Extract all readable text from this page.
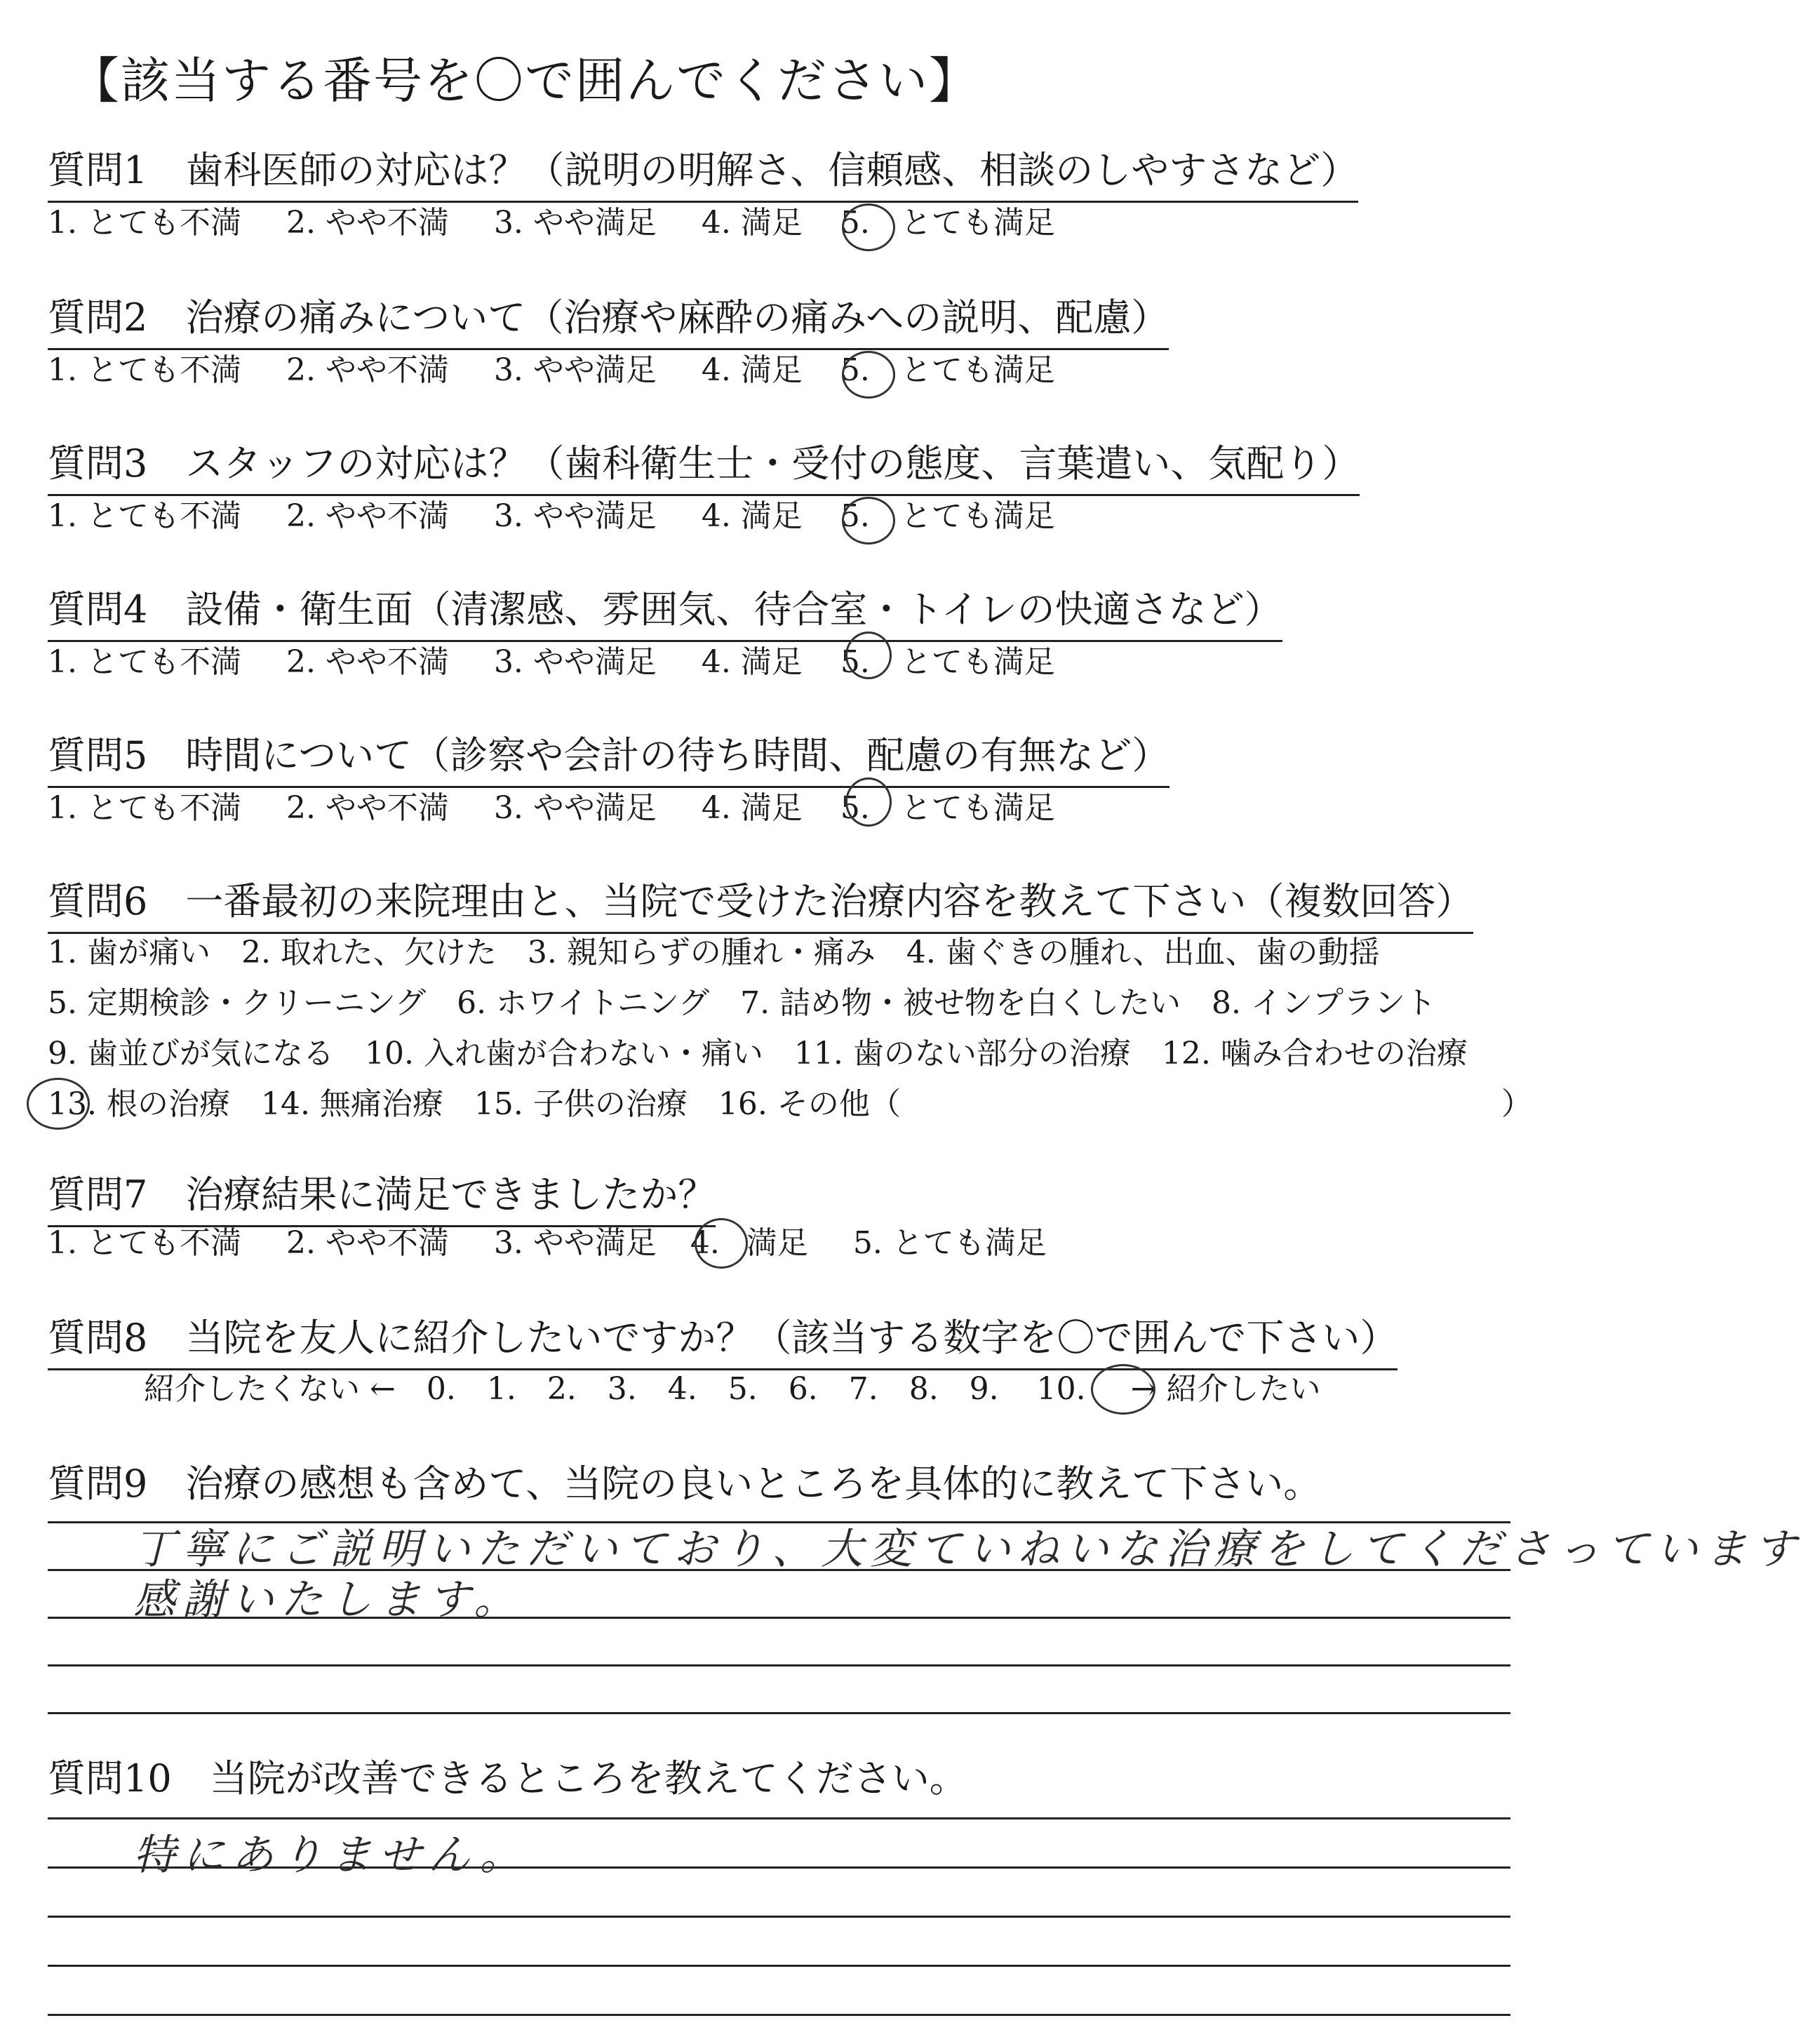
【該当する番号を〇で囲んでください】
質問1　歯科医師の対応は？（説明の明解さ、信頼感、相談のしやすさなど）
1. とても不満 2. やや不満 3. やや満足 4. 満足 5. とても満足
質問2　治療の痛みについて（治療や麻酔の痛みへの説明、配慮）
1. とても不満 2. やや不満 3. やや満足 4. 満足 5. とても満足
質問3　スタッフの対応は？（歯科衛生士・受付の態度、言葉遣い、気配り）
1. とても不満 2. やや不満 3. やや満足 4. 満足 5. とても満足
質問4　設備・衛生面（清潔感、雰囲気、待合室・トイレの快適さなど）
1. とても不満 2. やや不満 3. やや満足 4. 満足 5. とても満足
質問5　時間について（診察や会計の待ち時間、配慮の有無など）
1. とても不満 2. やや不満 3. やや満足 4. 満足 5. とても満足
質問6　一番最初の来院理由と、当院で受けた治療内容を教えて下さい（複数回答）
1. 歯が痛い　2. 取れた、欠けた　3. 親知らずの腫れ・痛み　4. 歯ぐきの腫れ、出血、歯の動揺
5. 定期検診・クリーニング　6. ホワイトニング　7. 詰め物・被せ物を白くしたい　8. インプラント
9. 歯並びが気になる　10. 入れ歯が合わない・痛い　11. 歯のない部分の治療　12. 噛み合わせの治療
13. 根の治療　14. 無痛治療　15. 子供の治療　16. その他（	）
質問7　治療結果に満足できましたか？
1. とても不満 2. やや不満 3. やや満足 4. 満足 5. とても満足
質問8　当院を友人に紹介したいですか？（該当する数字を〇で囲んで下さい）
紹介したくない ←　0.　1.　2.　3.　4.　5.　6.　7.　8.　9. 10. → 紹介したい
質問9　治療の感想も含めて、当院の良いところを具体的に教えて下さい。
丁寧にご説明いただいており、大変ていねいな治療をしてくださっています
感謝いたします。
質問10　当院が改善できるところを教えてください。
特にありません。
